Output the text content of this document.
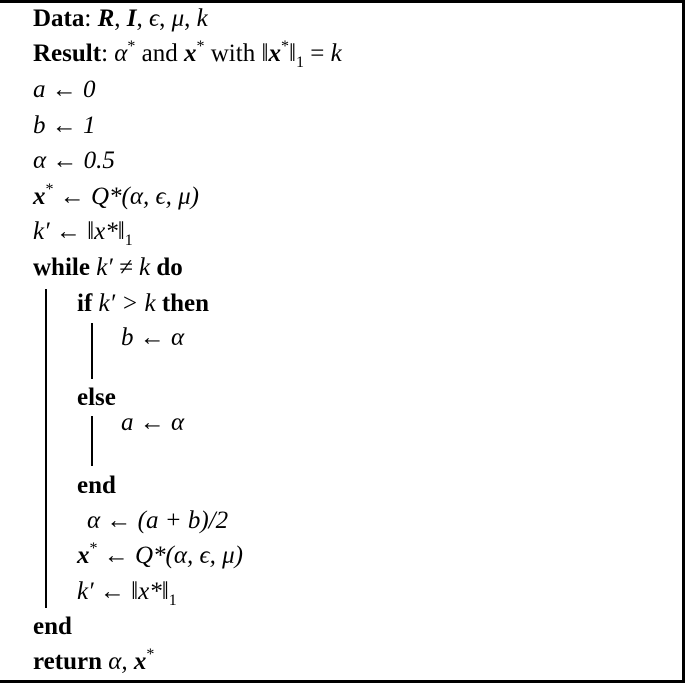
Data: R, I, ϵ, μ, k
Result: α* and x* with $‖x^*‖_1 = k$
a ← 0
b ← 1
α ← 0.5
x* ← Q*(α, ϵ, μ)
k′ ← $‖x*‖_1$
while k′ ≠ k do
if k′ > k then
b ← α
else
a ← α
end
α ← (a + b)/2
x* ← Q*(α, ϵ, μ)
k′ ← $‖x*‖_1$
end
return α, x*
